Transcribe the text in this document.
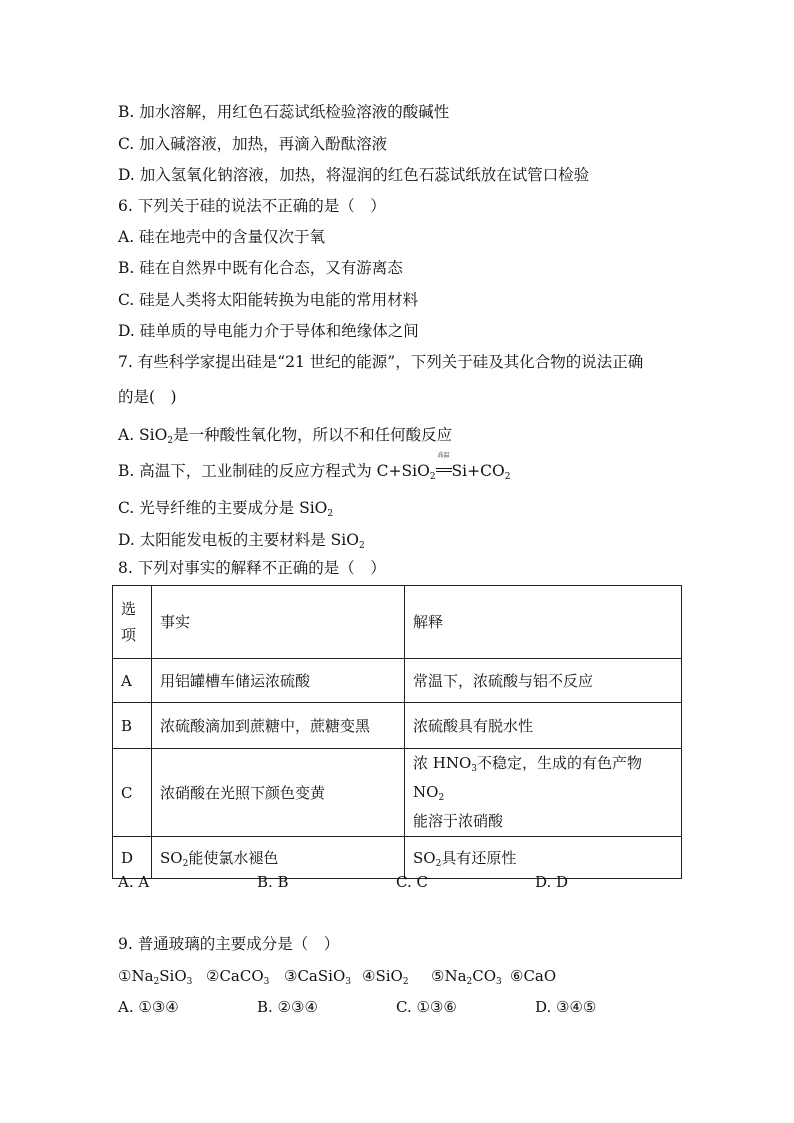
B. 加水溶解，用红色石蕊试纸检验溶液的酸碱性
C. 加入碱溶液，加热，再滴入酚酞溶液
D. 加入氢氧化钠溶液，加热，将湿润的红色石蕊试纸放在试管口检验
6. 下列关于硅的说法不正确的是（　）
A. 硅在地壳中的含量仅次于氧
B. 硅在自然界中既有化合态，又有游离态
C. 硅是人类将太阳能转换为电能的常用材料
D. 硅单质的导电能力介于导体和绝缘体之间
7. 有些科学家提出硅是“21 世纪的能源”，下列关于硅及其化合物的说法正确
的是(　)
A. SiO$_2$是一种酸性氧化物，所以不和任何酸反应
B. 高温下，工业制硅的反应方程式为 C+SiO$_2$
高温
$Si+CO_2$
C. 光导纤维的主要成分是 SiO$_2$
D. 太阳能发电板的主要材料是 SiO$_2$
8. 下列对事实的解释不正确的是（　）
选
项	事实	解释
A	用铝罐槽车储运浓硫酸	常温下，浓硫酸与铝不反应
B	浓硫酸滴加到蔗糖中，蔗糖变黑	浓硫酸具有脱水性
C	浓硝酸在光照下颜色变黄	浓 $HNO_3$不稳定，生成的有色产物 $NO_2$
能溶于浓硝酸
D	$SO_2$能使氯水褪色	$SO_2$具有还原性
A. A	B. B	C. C	D. D
9. 普通玻璃的主要成分是（　）
$①Na_2SiO_3$ ②CaCO$_3$ ③CaSiO$_3$ ④SiO$_2$ $⑤Na_2CO_3$ ⑥CaO
A. ①③④	B. ②③④	C. ①③⑥	D. ③④⑤
